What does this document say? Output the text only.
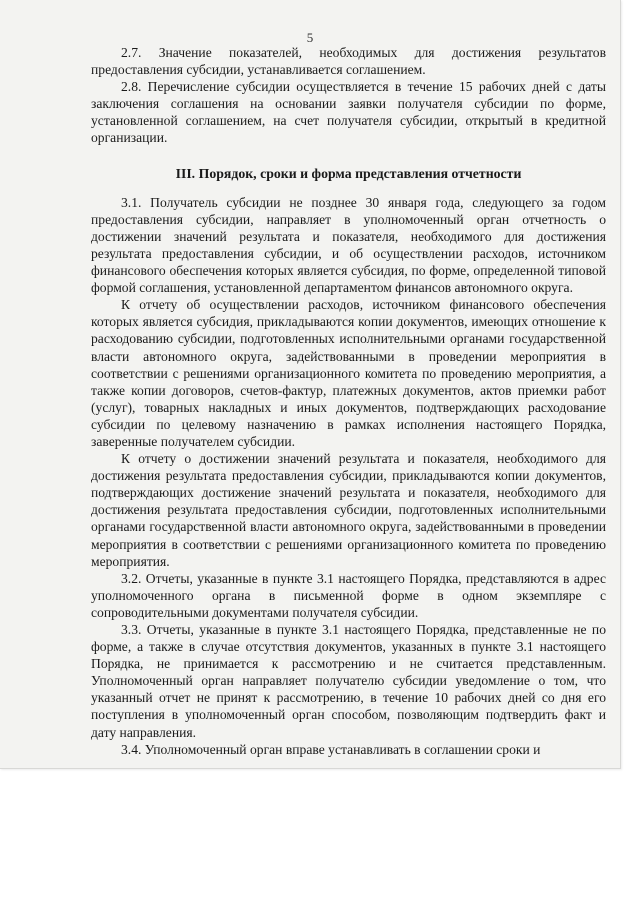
5

2.7. Значение показателей, необходимых для достижения результатов предоставления субсидии, устанавливается соглашением.

2.8. Перечисление субсидии осуществляется в течение 15 рабочих дней с даты заключения соглашения на основании заявки получателя субсидии по форме, установленной соглашением, на счет получателя субсидии, открытый в кредитной организации.

III. Порядок, сроки и форма представления отчетности

3.1. Получатель субсидии не позднее 30 января года, следующего за годом предоставления субсидии, направляет в уполномоченный орган отчетность о достижении значений результата и показателя, необходимого для достижения результата предоставления субсидии, и об осуществлении расходов, источником финансового обеспечения которых является субсидия, по форме, определенной типовой формой соглашения, установленной департаментом финансов автономного округа.

К отчету об осуществлении расходов, источником финансового обеспечения которых является субсидия, прикладываются копии документов, имеющих отношение к расходованию субсидии, подготовленных исполнительными органами государственной власти автономного округа, задействованными в проведении мероприятия в соответствии с решениями организационного комитета по проведению мероприятия, а также копии договоров, счетов-фактур, платежных документов, актов приемки работ (услуг), товарных накладных и иных документов, подтверждающих расходование субсидии по целевому назначению в рамках исполнения настоящего Порядка, заверенные получателем субсидии.

К отчету о достижении значений результата и показателя, необходимого для достижения результата предоставления субсидии, прикладываются копии документов, подтверждающих достижение значений результата и показателя, необходимого для достижения результата предоставления субсидии, подготовленных исполнительными органами государственной власти автономного округа, задействованными в проведении мероприятия в соответствии с решениями организационного комитета по проведению мероприятия.

3.2. Отчеты, указанные в пункте 3.1 настоящего Порядка, представляются в адрес уполномоченного органа в письменной форме в одном экземпляре с сопроводительными документами получателя субсидии.

3.3. Отчеты, указанные в пункте 3.1 настоящего Порядка, представленные не по форме, а также в случае отсутствия документов, указанных в пункте 3.1 настоящего Порядка, не принимается к рассмотрению и не считается представленным. Уполномоченный орган направляет получателю субсидии уведомление о том, что указанный отчет не принят к рассмотрению, в течение 10 рабочих дней со дня его поступления в уполномоченный орган способом, позволяющим подтвердить факт и дату направления.

3.4. Уполномоченный орган вправе устанавливать в соглашении сроки и
